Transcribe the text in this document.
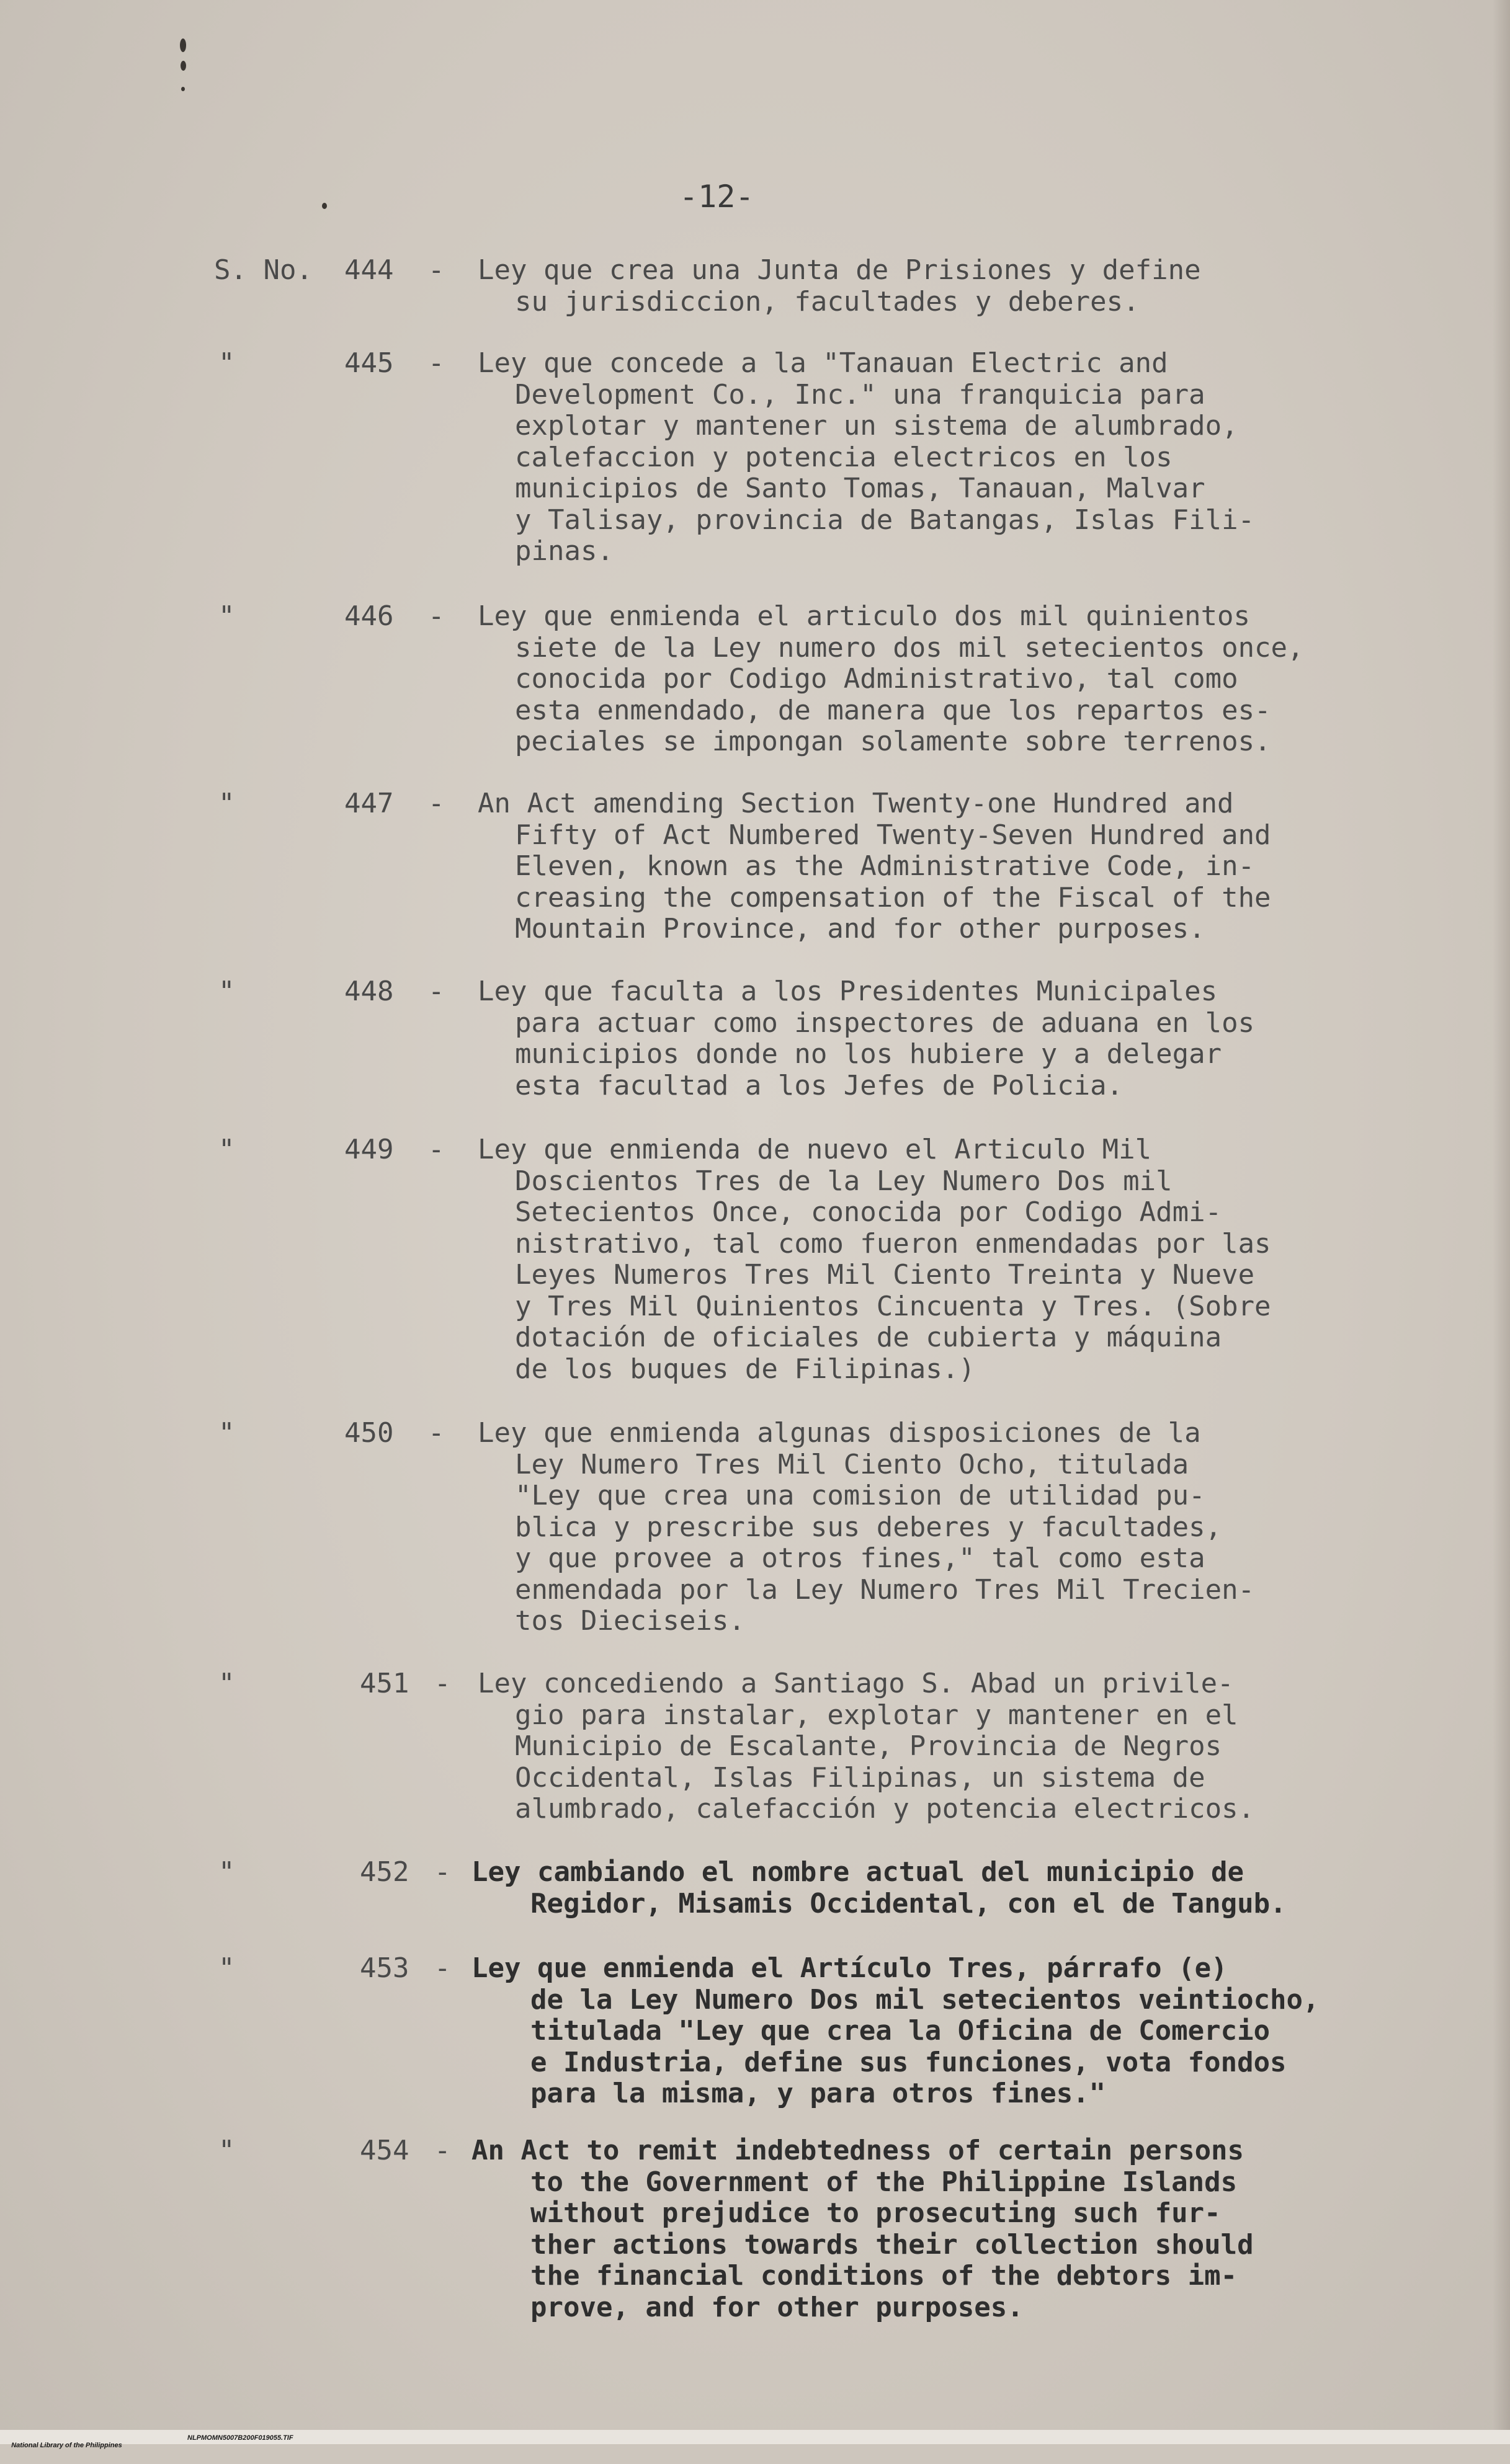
-12-
S. No. 444 - Ley que crea una Junta de Prisiones y define
su jurisdiccion, facultades y deberes.
"	445 - Ley que concede a la "Tanauan Electric and
Development Co., Inc." una franquicia para
explotar y mantener un sistema de alumbrado,
calefaccion y potencia electricos en los
municipios de Santo Tomas, Tanauan, Malvar
y Talisay, provincia de Batangas, Islas Fili-
pinas.
"	446 - Ley que enmienda el articulo dos mil quinientos
siete de la Ley numero dos mil setecientos once,
conocida por Codigo Administrativo, tal como
esta enmendado, de manera que los repartos es-
peciales se impongan solamente sobre terrenos.
"	447 - An Act amending Section Twenty-one Hundred and
Fifty of Act Numbered Twenty-Seven Hundred and
Eleven, known as the Administrative Code, in-
creasing the compensation of the Fiscal of the
Mountain Province, and for other purposes.
"	448 - Ley que faculta a los Presidentes Municipales
para actuar como inspectores de aduana en los
municipios donde no los hubiere y a delegar
esta facultad a los Jefes de Policia.
"	449 - Ley que enmienda de nuevo el Articulo Mil
Doscientos Tres de la Ley Numero Dos mil
Setecientos Once, conocida por Codigo Admi-
nistrativo, tal como fueron enmendadas por las
Leyes Numeros Tres Mil Ciento Treinta y Nueve
y Tres Mil Quinientos Cincuenta y Tres. (Sobre
dotación de oficiales de cubierta y máquina
de los buques de Filipinas.)
"	450 - Ley que enmienda algunas disposiciones de la
Ley Numero Tres Mil Ciento Ocho, titulada
"Ley que crea una comision de utilidad pu-
blica y prescribe sus deberes y facultades,
y que provee a otros fines," tal como esta
enmendada por la Ley Numero Tres Mil Trecien-
tos Dieciseis.
"	451 - Ley concediendo a Santiago S. Abad un privile-
gio para instalar, explotar y mantener en el
Municipio de Escalante, Provincia de Negros
Occidental, Islas Filipinas, un sistema de
alumbrado, calefacción y potencia electricos.
"	452 - Ley cambiando el nombre actual del municipio de
Regidor, Misamis Occidental, con el de Tangub.
"	453 - Ley que enmienda el Artículo Tres, párrafo (e)
de la Ley Numero Dos mil setecientos veintiocho,
titulada "Ley que crea la Oficina de Comercio
e Industria, define sus funciones, vota fondos
para la misma, y para otros fines."
"	454 - An Act to remit indebtedness of certain persons
to the Government of the Philippine Islands
without prejudice to prosecuting such fur-
ther actions towards their collection should
the financial conditions of the debtors im-
prove, and for other purposes.

National Library of the Philippines

NLPMOMN5007B200F019055.TIF
